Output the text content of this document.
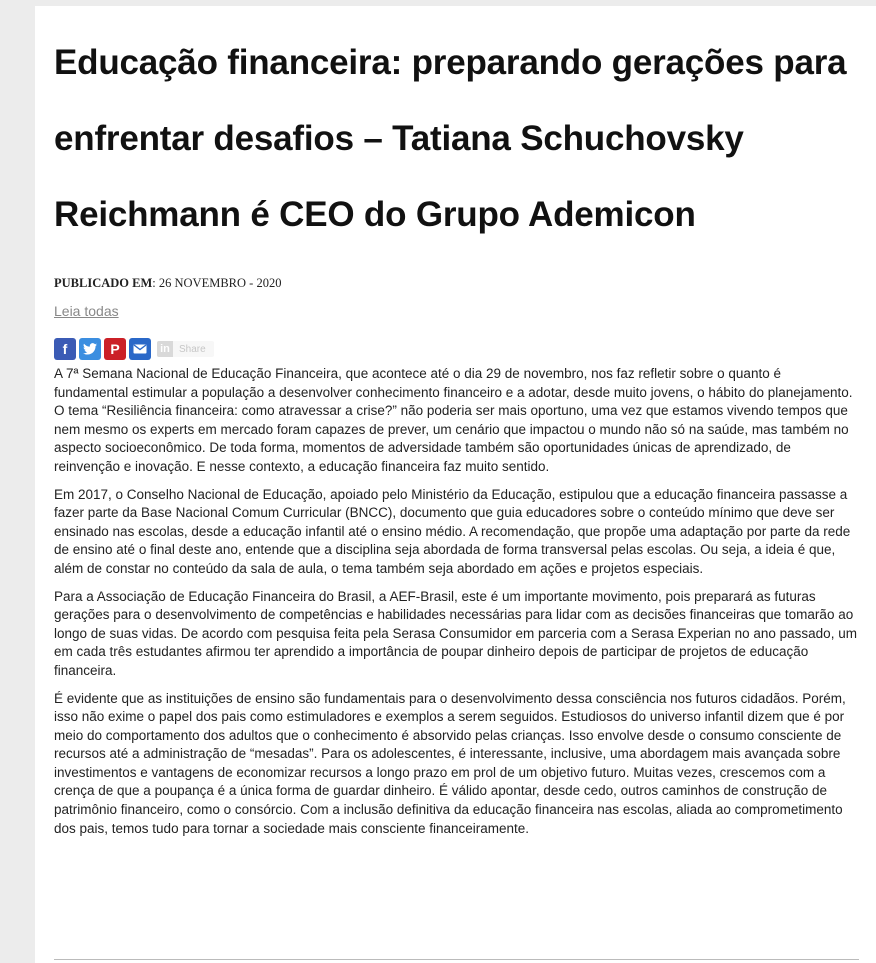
Educação financeira: preparando gerações para enfrentar desafios – Tatiana Schuchovsky Reichmann é CEO do Grupo Ademicon
PUBLICADO EM: 26 NOVEMBRO - 2020
Leia todas
f	P	in Share

A 7ª Semana Nacional de Educação Financeira, que acontece até o dia 29 de novembro, nos faz refletir sobre o quanto é fundamental estimular a população a desenvolver conhecimento financeiro e a adotar, desde muito jovens, o hábito do planejamento. O tema “Resiliência financeira: como atravessar a crise?” não poderia ser mais oportuno, uma vez que estamos vivendo tempos que nem mesmo os experts em mercado foram capazes de prever, um cenário que impactou o mundo não só na saúde, mas também no aspecto socioeconômico. De toda forma, momentos de adversidade também são oportunidades únicas de aprendizado, de reinvenção e inovação. E nesse contexto, a educação financeira faz muito sentido.

Em 2017, o Conselho Nacional de Educação, apoiado pelo Ministério da Educação, estipulou que a educação financeira passasse a fazer parte da Base Nacional Comum Curricular (BNCC), documento que guia educadores sobre o conteúdo mínimo que deve ser ensinado nas escolas, desde a educação infantil até o ensino médio. A recomendação, que propõe uma adaptação por parte da rede de ensino até o final deste ano, entende que a disciplina seja abordada de forma transversal pelas escolas. Ou seja, a ideia é que, além de constar no conteúdo da sala de aula, o tema também seja abordado em ações e projetos especiais.

Para a Associação de Educação Financeira do Brasil, a AEF-Brasil, este é um importante movimento, pois preparará as futuras gerações para o desenvolvimento de competências e habilidades necessárias para lidar com as decisões financeiras que tomarão ao longo de suas vidas. De acordo com pesquisa feita pela Serasa Consumidor em parceria com a Serasa Experian no ano passado, um em cada três estudantes afirmou ter aprendido a importância de poupar dinheiro depois de participar de projetos de educação financeira.

É evidente que as instituições de ensino são fundamentais para o desenvolvimento dessa consciência nos futuros cidadãos. Porém, isso não exime o papel dos pais como estimuladores e exemplos a serem seguidos. Estudiosos do universo infantil dizem que é por meio do comportamento dos adultos que o conhecimento é absorvido pelas crianças. Isso envolve desde o consumo consciente de recursos até a administração de “mesadas”. Para os adolescentes, é interessante, inclusive, uma abordagem mais avançada sobre investimentos e vantagens de economizar recursos a longo prazo em prol de um objetivo futuro. Muitas vezes, crescemos com a crença de que a poupança é a única forma de guardar dinheiro. É válido apontar, desde cedo, outros caminhos de construção de patrimônio financeiro, como o consórcio. Com a inclusão definitiva da educação financeira nas escolas, aliada ao comprometimento dos pais, temos tudo para tornar a sociedade mais consciente financeiramente.
